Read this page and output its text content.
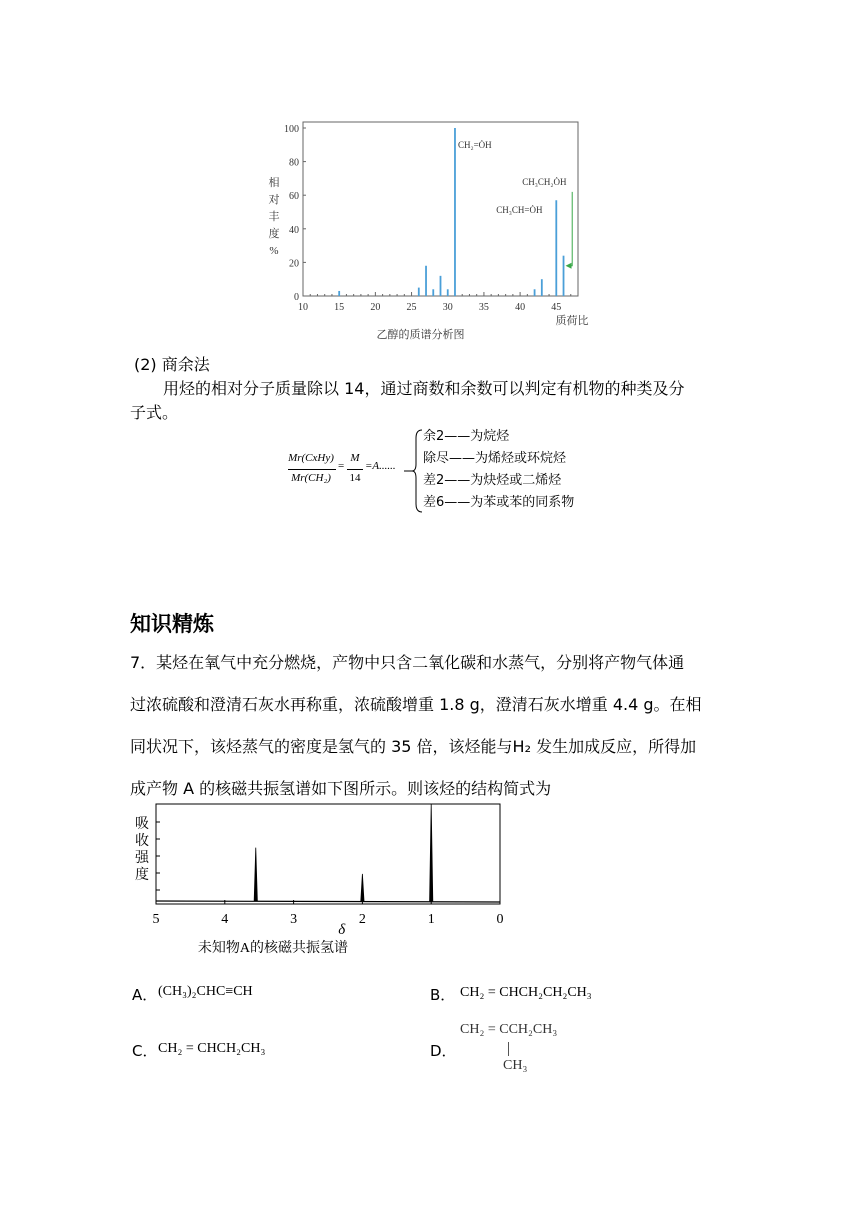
0
20
40
60
80
100
10	15	20	25	30	35	40	45
相
对
丰
度
%
质荷比
乙醇的质谱分析图
CH₂=ȮH
CH₃CH₂ȮH
CH₃CH=ȮH
(2) 商余法
用烃的相对分子质量除以 14，通过商数和余数可以判定有机物的种类及分
子式。
Mr(CxHy)
Mr(CH₂)
=
M
14
=A......
余2——为烷烃
除尽——为烯烃或环烷烃
差2——为炔烃或二烯烃
差6——为苯或苯的同系物
知识精炼
7．某烃在氧气中充分燃烧，产物中只含二氧化碳和水蒸气，分别将产物气体通
过浓硫酸和澄清石灰水再称重，浓硫酸增重 1.8 g，澄清石灰水增重 4.4 g。在相
同状况下，该烃蒸气的密度是氢气的 35 倍，该烃能与H₂ 发生加成反应，所得加
成产物 A 的核磁共振氢谱如下图所示。则该烃的结构简式为
吸
收
强
度
5	4	3	2	1	0
δ
未知物A的核磁共振氢谱
A． (CH₃)₂CHC≡CH	B． CH₂ = CHCH₂CH₂CH₃
C． CH₂ = CHCH₂CH₃	D．
CH₂ = CCH₂CH₃
CH₃
